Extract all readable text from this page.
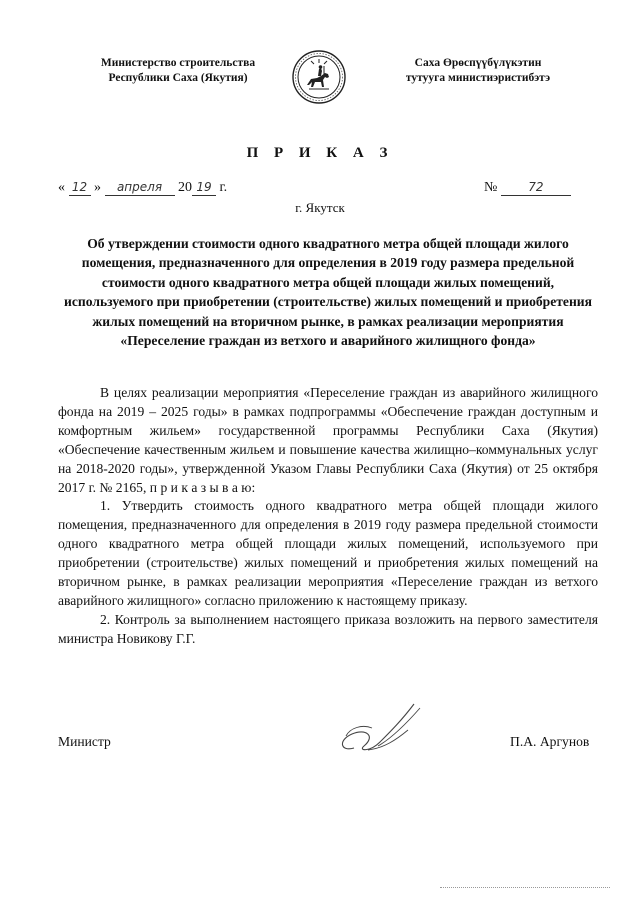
Министерство строительства
Республики Саха (Якутия)
Саха Өрөспүүбүлүкэтин
тутуугa министиэристибэтэ
П Р И К А З
« 12 » апреля 20 19 г.	№	72
г. Якутск
Об утверждении стоимости одного квадратного метра общей площади жилого помещения, предназначенного для определения в 2019 году размера предельной стоимости одного квадратного метра общей площади жилых помещений, используемого при приобретении (строительстве) жилых помещений и приобретения жилых помещений на вторичном рынке, в рамках реализации мероприятия «Переселение граждан из ветхого и аварийного жилищного фонда»

В целях реализации мероприятия «Переселение граждан из аварийного жилищного фонда на 2019 – 2025 годы» в рамках подпрограммы «Обеспечение граждан доступным и комфортным жильем» государственной программы Республики Саха (Якутия) «Обеспечение качественным жильем и повышение качества жилищно–коммунальных услуг на 2018-2020 годы», утвержденной Указом Главы Республики Саха (Якутия) от 25 октября 2017 г. № 2165, п р и к а з ы в а ю:

1. Утвердить стоимость одного квадратного метра общей площади жилого помещения, предназначенного для определения в 2019 году размера предельной стоимости одного квадратного метра общей площади жилых помещений, используемого при приобретении (строительстве) жилых помещений и приобретения жилых помещений на вторичном рынке, в рамках реализации мероприятия «Переселение граждан из ветхого аварийного жилищного» согласно приложению к настоящему приказу.

2. Контроль за выполнением настоящего приказа возложить на первого заместителя министра Новикову Г.Г.

Министр	П.А. Аргунов
